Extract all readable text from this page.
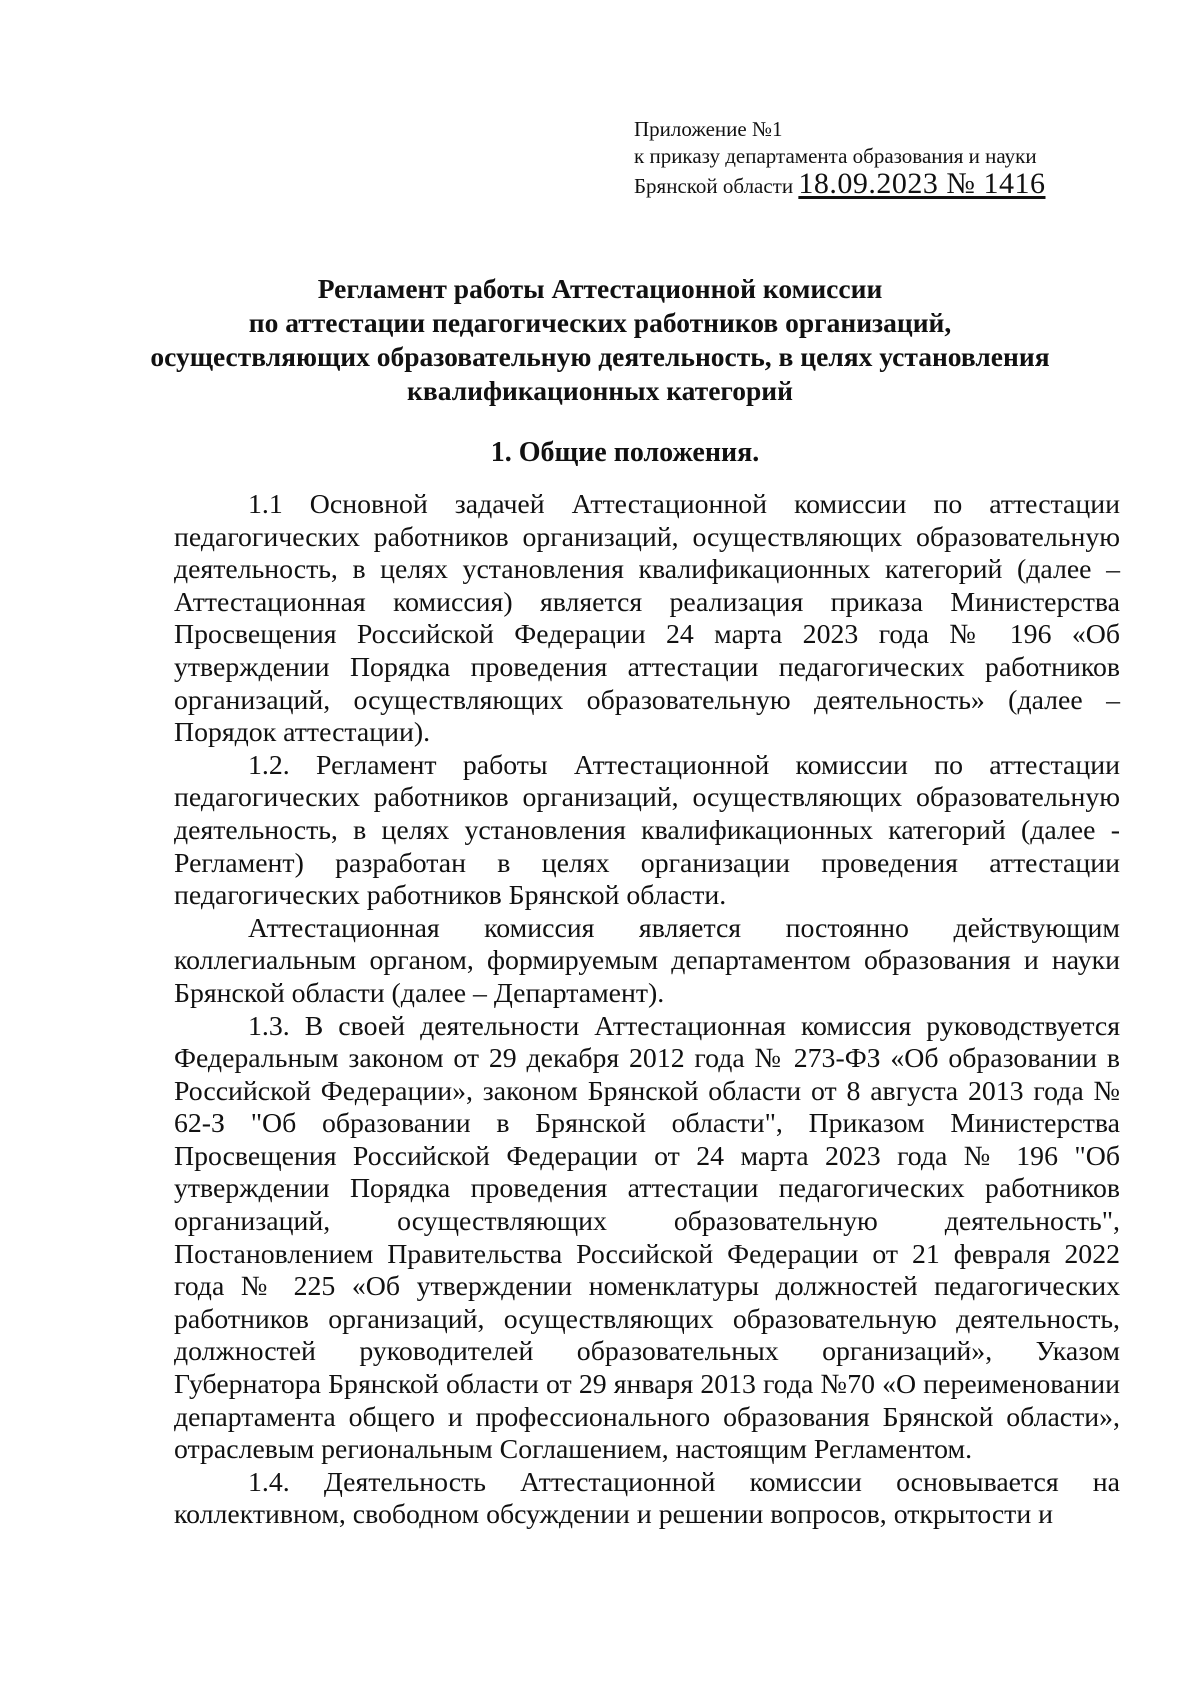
Приложение №1
к приказу департамента образования и науки
Брянской области 18.09.2023 № 1416
Регламент работы Аттестационной комиссии
по аттестации педагогических работников организаций,
осуществляющих образовательную деятельность, в целях установления
квалификационных категорий
1. Общие положения.

1.1 Основной задачей Аттестационной комиссии по аттестации педагогических работников организаций, осуществляющих образовательную деятельность, в целях установления квалификационных категорий (далее – Аттестационная комиссия) является реализация приказа Министерства Просвещения Российской Федерации 24 марта 2023 года № 196 «Об утверждении Порядка проведения аттестации педагогических работников организаций, осуществляющих образовательную деятельность» (далее – Порядок аттестации).

1.2. Регламент работы Аттестационной комиссии по аттестации педагогических работников организаций, осуществляющих образовательную деятельность, в целях установления квалификационных категорий (далее - Регламент) разработан в целях организации проведения аттестации педагогических работников Брянской области.

Аттестационная комиссия является постоянно действующим коллегиальным органом, формируемым департаментом образования и науки Брянской области (далее – Департамент).

1.3. В своей деятельности Аттестационная комиссия руководствуется Федеральным законом от 29 декабря 2012 года № 273-ФЗ «Об образовании в Российской Федерации», законом Брянской области от 8 августа 2013 года № 62-З "Об образовании в Брянской области", Приказом Министерства Просвещения Российской Федерации от 24 марта 2023 года № 196 "Об утверждении Порядка проведения аттестации педагогических работников организаций, осуществляющих образовательную деятельность", Постановлением Правительства Российской Федерации от 21 февраля 2022 года № 225 «Об утверждении номенклатуры должностей педагогических работников организаций, осуществляющих образовательную деятельность, должностей руководителей образовательных организаций», Указом Губернатора Брянской области от 29 января 2013 года №70 «О переименовании департамента общего и профессионального образования Брянской области», отраслевым региональным Соглашением, настоящим Регламентом.

1.4. Деятельность Аттестационной комиссии основывается на коллективном, свободном обсуждении и решении вопросов, открытости и
